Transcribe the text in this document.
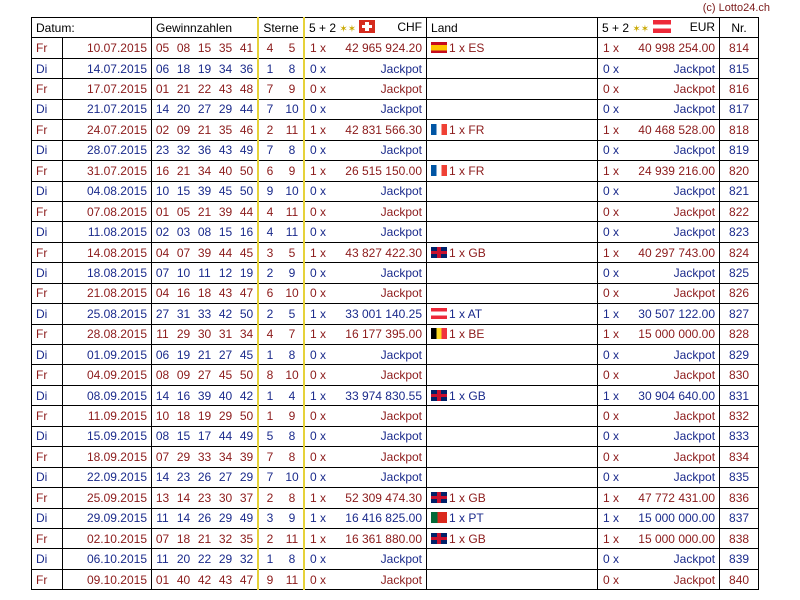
(c) Lotto24.ch
Datum:		Gewinnzahlen					Sterne		5 + 2 ✶✶ CHF		Land	5 + 2 ✶✶ EUR		Nr.
Fr	10.07.2015	05	08	15	35	41	4	5	1 x	42 965 924.20	1 x ES	1 x	40 998 254.00	814
Di	14.07.2015	06	18	19	34	36	1	8	0 x	Jackpot		0 x	Jackpot	815
Fr	17.07.2015	01	21	22	43	48	7	9	0 x	Jackpot		0 x	Jackpot	816
Di	21.07.2015	14	20	27	29	44	7	10	0 x	Jackpot		0 x	Jackpot	817
Fr	24.07.2015	02	09	21	35	46	2	11	1 x	42 831 566.30	1 x FR	1 x	40 468 528.00	818
Di	28.07.2015	23	32	36	43	49	7	8	0 x	Jackpot		0 x	Jackpot	819
Fr	31.07.2015	16	21	34	40	50	6	9	1 x	26 515 150.00	1 x FR	1 x	24 939 216.00	820
Di	04.08.2015	10	15	39	45	50	9	10	0 x	Jackpot		0 x	Jackpot	821
Fr	07.08.2015	01	05	21	39	44	4	11	0 x	Jackpot		0 x	Jackpot	822
Di	11.08.2015	02	03	08	15	16	4	11	0 x	Jackpot		0 x	Jackpot	823
Fr	14.08.2015	04	07	39	44	45	3	5	1 x	43 827 422.30	1 x GB	1 x	40 297 743.00	824
Di	18.08.2015	07	10	11	12	19	2	9	0 x	Jackpot		0 x	Jackpot	825
Fr	21.08.2015	04	16	18	43	47	6	10	0 x	Jackpot		0 x	Jackpot	826
Di	25.08.2015	27	31	33	42	50	2	5	1 x	33 001 140.25	1 x AT	1 x	30 507 122.00	827
Fr	28.08.2015	11	29	30	31	34	4	7	1 x	16 177 395.00	1 x BE	1 x	15 000 000.00	828
Di	01.09.2015	06	19	21	27	45	1	8	0 x	Jackpot		0 x	Jackpot	829
Fr	04.09.2015	08	09	27	45	50	8	10	0 x	Jackpot		0 x	Jackpot	830
Di	08.09.2015	14	16	39	40	42	1	4	1 x	33 974 830.55	1 x GB	1 x	30 904 640.00	831
Fr	11.09.2015	10	18	19	29	50	1	9	0 x	Jackpot		0 x	Jackpot	832
Di	15.09.2015	08	15	17	44	49	5	8	0 x	Jackpot		0 x	Jackpot	833
Fr	18.09.2015	07	29	33	34	39	7	8	0 x	Jackpot		0 x	Jackpot	834
Di	22.09.2015	14	23	26	27	29	7	10	0 x	Jackpot		0 x	Jackpot	835
Fr	25.09.2015	13	14	23	30	37	2	8	1 x	52 309 474.30	1 x GB	1 x	47 772 431.00	836
Di	29.09.2015	11	14	26	29	49	3	9	1 x	16 416 825.00	1 x PT	1 x	15 000 000.00	837
Fr	02.10.2015	07	18	21	32	35	2	11	1 x	16 361 880.00	1 x GB	1 x	15 000 000.00	838
Di	06.10.2015	11	20	22	29	32	1	8	0 x	Jackpot		0 x	Jackpot	839
Fr	09.10.2015	01	40	42	43	47	9	11	0 x	Jackpot		0 x	Jackpot	840
